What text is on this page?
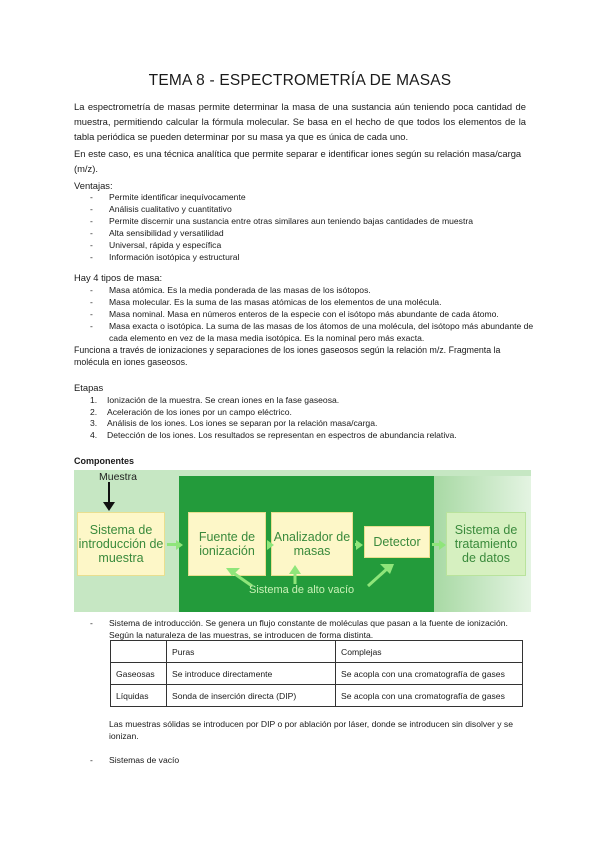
TEMA 8 - ESPECTROMETRÍA DE MASAS
La espectrometría de masas permite determinar la masa de una sustancia aún teniendo poca cantidad de muestra, permitiendo calcular la fórmula molecular. Se basa en el hecho de que todos los elementos de la tabla periódica se pueden determinar por su masa ya que es única de cada uno.
En este caso, es una técnica analítica que permite separar e identificar iones según su relación masa/carga (m/z).
Ventajas:
- Permite identificar inequívocamente
- Análisis cualitativo y cuantitativo
- Permite discernir una sustancia entre otras similares aun teniendo bajas cantidades de muestra
- Alta sensibilidad y versatilidad
- Universal, rápida y específica
- Información isotópica y estructural
Hay 4 tipos de masa:
- Masa atómica. Es la media ponderada de las masas de los isótopos.
- Masa molecular. Es la suma de las masas atómicas de los elementos de una molécula.
- Masa nominal. Masa en números enteros de la especie con el isótopo más abundante de cada átomo.
- Masa exacta o isotópica. La suma de las masas de los átomos de una molécula, del isótopo más abundante de cada elemento en vez de la masa media isotópica. Es la nominal pero más exacta.
Funciona a través de ionizaciones y separaciones de los iones gaseosos según la relación m/z. Fragmenta la molécula en iones gaseosos.
Etapas
1. Ionización de la muestra. Se crean iones en la fase gaseosa.
2. Aceleración de los iones por un campo eléctrico.
3. Análisis de los iones. Los iones se separan por la relación masa/carga.
4. Detección de los iones. Los resultados se representan en espectros de abundancia relativa.
Componentes
Muestra
Sistema de introducción de muestra
Fuente de ionización
Analizador de masas
Detector
Sistema de tratamiento de datos
Sistema de alto vacío
- Sistema de introducción. Se genera un flujo constante de moléculas que pasan a la fuente de ionización. Según la naturaleza de las muestras, se introducen de forma distinta.
	Puras	Complejas
Gaseosas	Se introduce directamente	Se acopla con una cromatografía de gases
Líquidas	Sonda de inserción directa (DIP)	Se acopla con una cromatografía de gases
Las muestras sólidas se introducen por DIP o por ablación por láser, donde se introducen sin disolver y se ionizan.
- Sistemas de vacío
